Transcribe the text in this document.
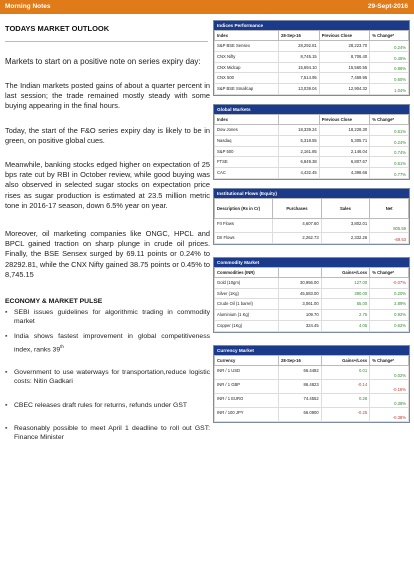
Morning Notes	29-Sept-2016
TODAYS MARKET OUTLOOK

Markets to start on a positive note on series expiry day:

The Indian markets posted gains of about a quarter percent in last session; the trade remained mostly steady with some buying appearing in the final hours.

Today, the start of the F&O series expiry day is likely to be in green, on positive global cues.

Meanwhile, banking stocks edged higher on expectation of 25 bps rate cut by RBI in October review, while good buying was also observed in selected sugar stocks on expectation price rises as sugar production is estimated at 23.5 million metric tone in 2016-17 season, down 6.5% year on year.

Moreover, oil marketing companies like ONGC, HPCL and BPCL gained traction on sharp plunge in crude oil prices. Finally, the BSE Sensex surged by 69.11 points or 0.24% to 28292.81, while the CNX Nifty gained 38.75 points or 0.45% to 8,745.15

ECONOMY & MARKET PULSE
▪ SEBI issues guidelines for algorithmic trading in commodity market
▪ India shows fastest improvement in global competitiveness index, ranks 39th
▪ Government to use waterways for transportation,reduce logistic costs: Nitin Gadkari
▪ CBEC releases draft rules for returns, refunds under GST
▪ Reasonably possible to meet April 1 deadline to roll out GST: Finance Minister
Indices Performance
Index	28-Sep-16	Previous Close	% Change*
S&P BSE Sensex	28,292.81	28,223.70	0.24%
CNX Nifty	8,745.15	8,706.40	0.45%
CNX Midcap	15,694.10	15,560.55	0.86%
CNX 500	7,514.95	7,469.95	0.60%
S&P BSE Smallcap	13,039.04	12,904.32	1.04%
Global Markets
Index		Previous Close	% Change*
Dow Jones	18,339.24	18,228.30	0.61%
Nasdaq	5,318.55	5,305.71	0.24%
S&P 500	2,161.85	2,146.04	0.74%
FTSE	6,849.38	6,807.67	0.61%
CAC	4,432.45	4,398.66	0.77%
Institutional Flows (Equity)
Description (Rs in Cr)	Purchases	Sales	Net
FII Flows	4,607.60	3,802.01	805.59
DII Flows	2,262.73	2,332.26	-69.53
Commodity Market
Commodities (INR)		Gains+/Loss	% Change*
Gold (10gm)	30,956.00	127.00	-0.07%
Silver (1Kg)	45,583.00	390.00	0.20%
Crude Oil (1 barrel)	3,061.00	55.00	2.89%
Aluminium (1 Kg)	109.70	2.75	0.92%
Copper (1Kg)	324.45	4.05	0.62%
Currency Market
Currency	28-Sep-16	Gains+/Loss	% Change*
INR / 1 USD	66.4482	0.01	0.02%
INR / 1 GBP	86.4823	-0.14	-0.16%
INR / 1 EURO	74.4552	0.28	0.38%
INR / 100 JPY	66.0900	-0.25	-0.38%
